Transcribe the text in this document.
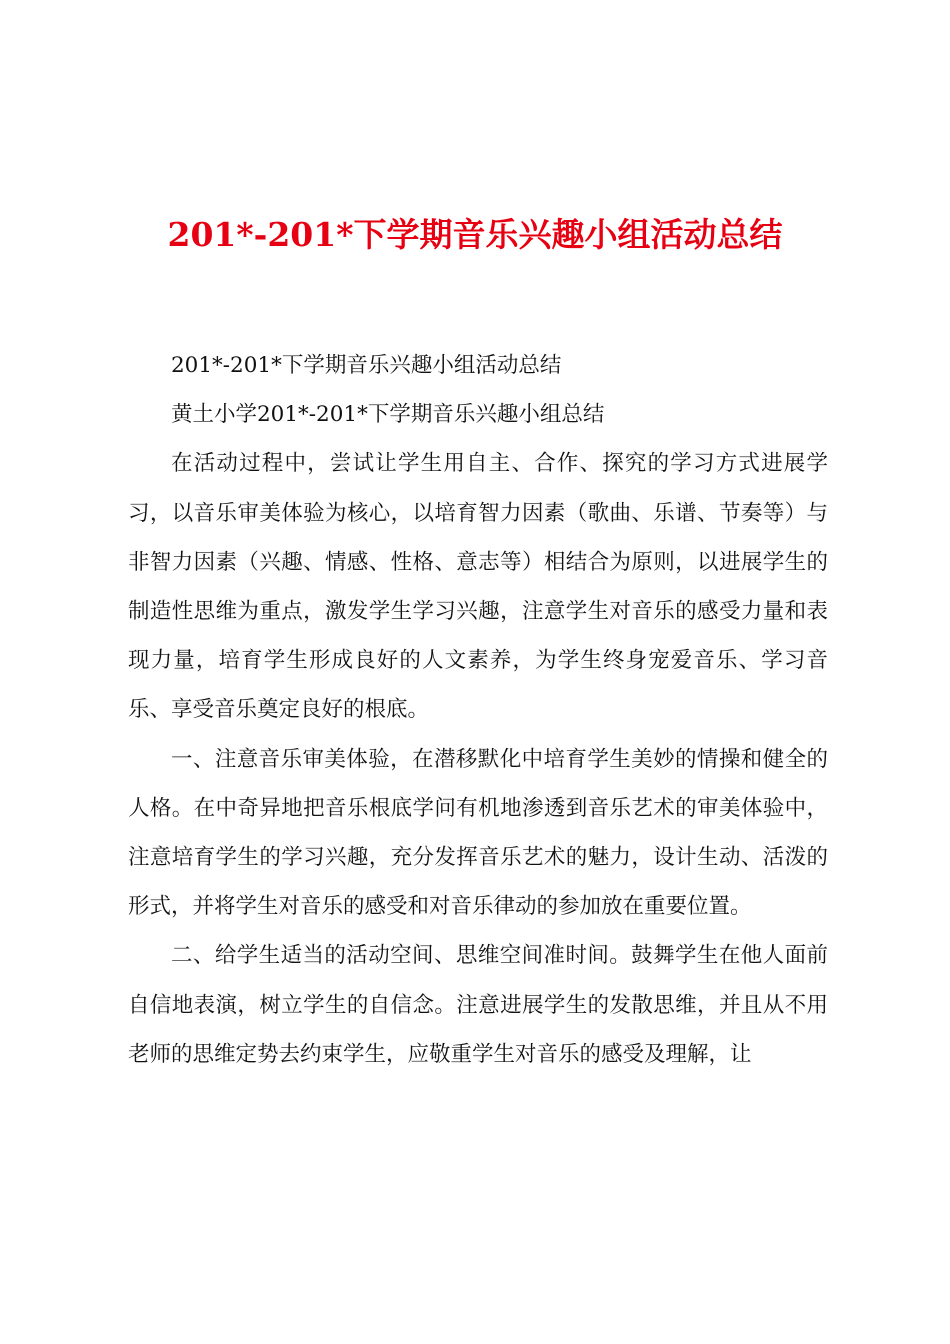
201*-201*下学期音乐兴趣小组活动总结

201*-201*下学期音乐兴趣小组活动总结

黄土小学201*-201*下学期音乐兴趣小组总结

在活动过程中，尝试让学生用自主、合作、探究的学习方式进展学习，以音乐审美体验为核心，以培育智力因素（歌曲、乐谱、节奏等）与非智力因素（兴趣、情感、性格、意志等）相结合为原则，以进展学生的制造性思维为重点，激发学生学习兴趣，注意学生对音乐的感受力量和表现力量，培育学生形成良好的人文素养，为学生终身宠爱音乐、学习音乐、享受音乐奠定良好的根底。

一、注意音乐审美体验，在潜移默化中培育学生美妙的情操和健全的人格。在中奇异地把音乐根底学问有机地渗透到音乐艺术的审美体验中，注意培育学生的学习兴趣，充分发挥音乐艺术的魅力，设计生动、活泼的形式，并将学生对音乐的感受和对音乐律动的参加放在重要位置。

二、给学生适当的活动空间、思维空间准时间。鼓舞学生在他人面前自信地表演，树立学生的自信念。注意进展学生的发散思维，并且从不用老师的思维定势去约束学生，应敬重学生对音乐的感受及理解，让
